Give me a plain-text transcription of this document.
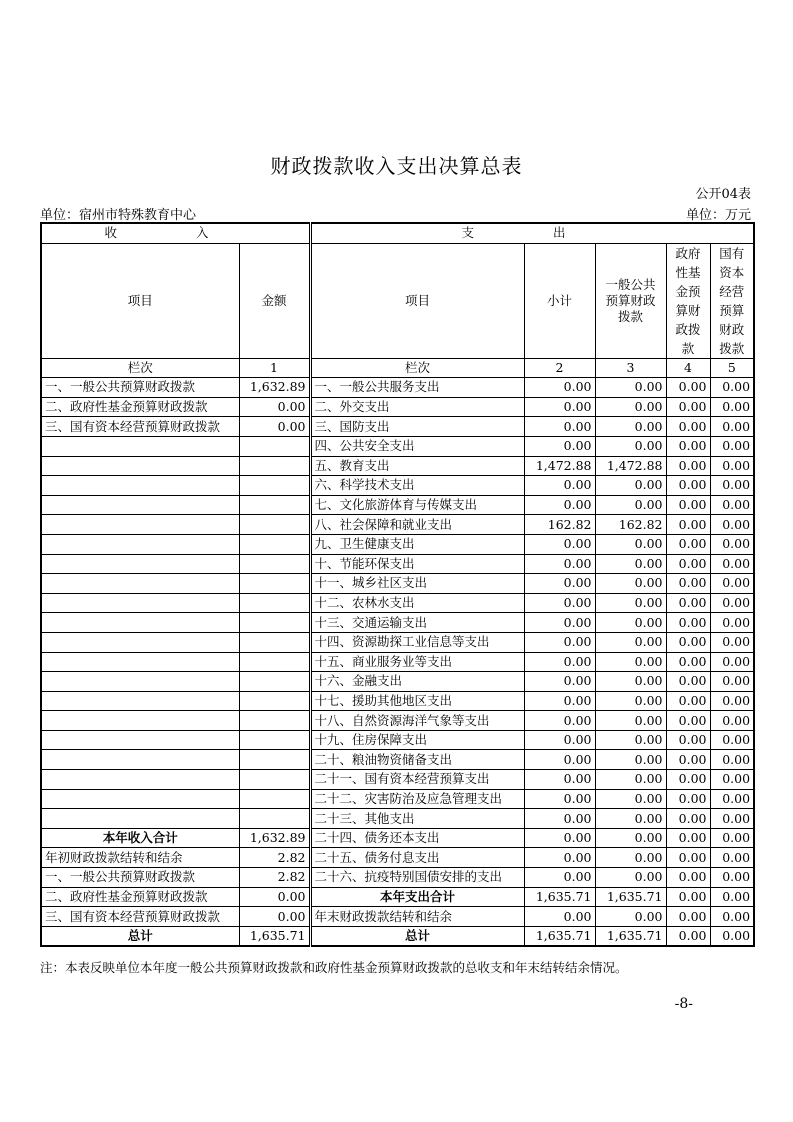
财政拨款收入支出决算总表
公开04表
单位：宿州市特殊教育中心	单位：万元
收 入		支 出				
项目	金额	项目	小计	一般公共预算财政拨款	政府性基金预算财政拨款	国有资本经营预算财政拨款
栏次	1	栏次	2	3	4	5
一、一般公共预算财政拨款	1,632.89	一、一般公共服务支出	0.00	0.00	0.00	0.00
二、政府性基金预算财政拨款	0.00	二、外交支出	0.00	0.00	0.00	0.00
三、国有资本经营预算财政拨款	0.00	三、国防支出	0.00	0.00	0.00	0.00
		四、公共安全支出	0.00	0.00	0.00	0.00
		五、教育支出	1,472.88	1,472.88	0.00	0.00
		六、科学技术支出	0.00	0.00	0.00	0.00
		七、文化旅游体育与传媒支出	0.00	0.00	0.00	0.00
		八、社会保障和就业支出	162.82	162.82	0.00	0.00
		九、卫生健康支出	0.00	0.00	0.00	0.00
		十、节能环保支出	0.00	0.00	0.00	0.00
		十一、城乡社区支出	0.00	0.00	0.00	0.00
		十二、农林水支出	0.00	0.00	0.00	0.00
		十三、交通运输支出	0.00	0.00	0.00	0.00
		十四、资源勘探工业信息等支出	0.00	0.00	0.00	0.00
		十五、商业服务业等支出	0.00	0.00	0.00	0.00
		十六、金融支出	0.00	0.00	0.00	0.00
		十七、援助其他地区支出	0.00	0.00	0.00	0.00
		十八、自然资源海洋气象等支出	0.00	0.00	0.00	0.00
		十九、住房保障支出	0.00	0.00	0.00	0.00
		二十、粮油物资储备支出	0.00	0.00	0.00	0.00
		二十一、国有资本经营预算支出	0.00	0.00	0.00	0.00
		二十二、灾害防治及应急管理支出	0.00	0.00	0.00	0.00
		二十三、其他支出	0.00	0.00	0.00	0.00
本年收入合计	1,632.89	二十四、债务还本支出	0.00	0.00	0.00	0.00
年初财政拨款结转和结余	2.82	二十五、债务付息支出	0.00	0.00	0.00	0.00
一、一般公共预算财政拨款	2.82	二十六、抗疫特别国债安排的支出	0.00	0.00	0.00	0.00
二、政府性基金预算财政拨款	0.00	本年支出合计	1,635.71	1,635.71	0.00	0.00
三、国有资本经营预算财政拨款	0.00	年末财政拨款结转和结余	0.00	0.00	0.00	0.00
总计	1,635.71	总计	1,635.71	1,635.71	0.00	0.00
注：本表反映单位本年度一般公共预算财政拨款和政府性基金预算财政拨款的总收支和年末结转结余情况。
-8-
